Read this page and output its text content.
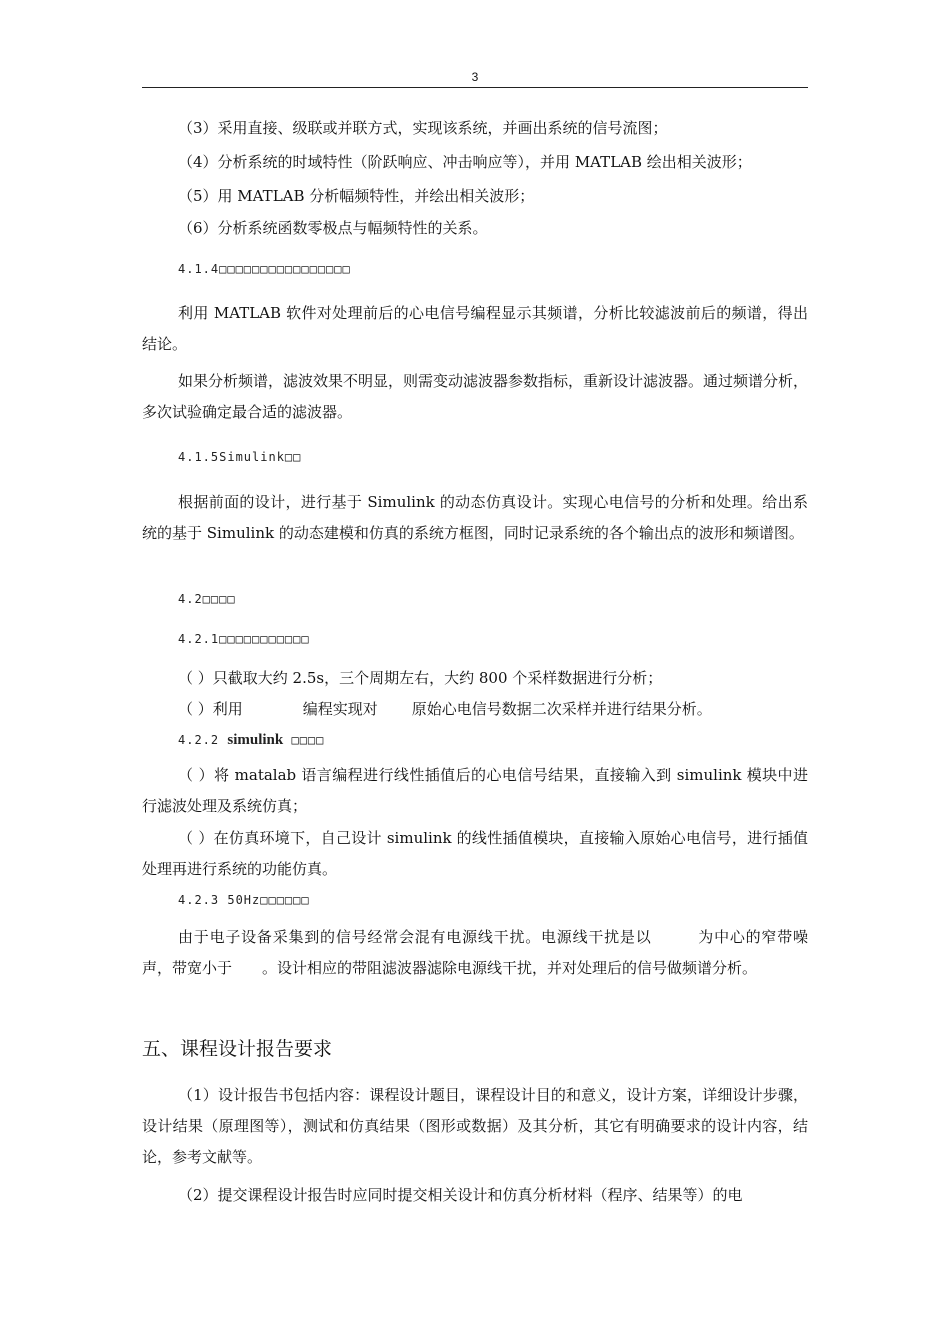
3
（3）采用直接、级联或并联方式，实现该系统，并画出系统的信号流图；
（4）分析系统的时域特性（阶跃响应、冲击响应等），并用 MATLAB 绘出相关波形；
（5）用 MATLAB 分析幅频特性，并绘出相关波形；
（6）分析系统函数零极点与幅频特性的关系。
4.1.4□□□□□□□□□□□□□□□□
利用 MATLAB 软件对处理前后的心电信号编程显示其频谱，分析比较滤波前后的频谱，得出结论。
如果分析频谱，滤波效果不明显，则需变动滤波器参数指标，重新设计滤波器。通过频谱分析，多次试验确定最合适的滤波器。
4.1.5Simulink□□
根据前面的设计，进行基于 Simulink 的动态仿真设计。实现心电信号的分析和处理。给出系统的基于 Simulink 的动态建模和仿真的系统方框图，同时记录系统的各个输出点的波形和频谱图。
4.2□□□□
4.2.1□□□□□□□□□□□
（ ）只截取大约 2.5s，三个周期左右，大约 800 个采样数据进行分析；
（ ）利用	编程实现对 原始心电信号数据二次采样并进行结果分析。
4.2.2 simulink □□□□
（ ）将 matalab 语言编程进行线性插值后的心电信号结果，直接输入到 simulink 模块中进行滤波处理及系统仿真；
（ ）在仿真环境下，自己设计 simulink 的线性插值模块，直接输入原始心电信号，进行插值处理再进行系统的功能仿真。
4.2.3 50Hz□□□□□□
由于电子设备采集到的信号经常会混有电源线干扰。电源线干扰是以	为中心的窄带噪声，带宽小于 。设计相应的带阻滤波器滤除电源线干扰，并对处理后的信号做频谱分析。
五、课程设计报告要求
（1）设计报告书包括内容：课程设计题目，课程设计目的和意义，设计方案，详细设计步骤，设计结果（原理图等），测试和仿真结果（图形或数据）及其分析，其它有明确要求的设计内容，结论，参考文献等。
（2）提交课程设计报告时应同时提交相关设计和仿真分析材料（程序、结果等）的电
